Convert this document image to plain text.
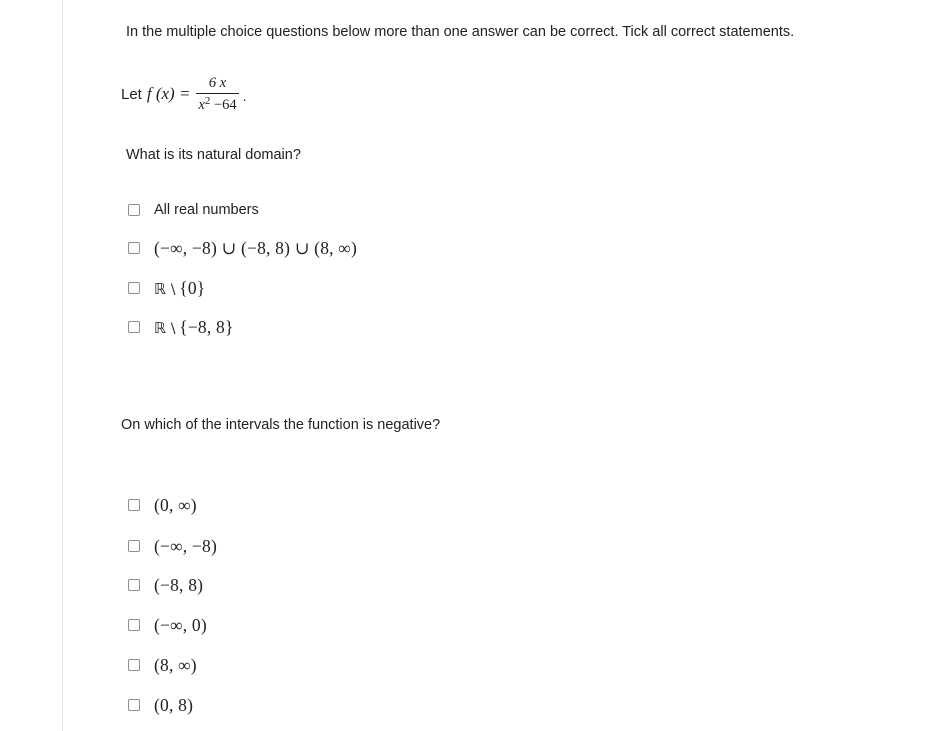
In the multiple choice questions below more than one answer can be correct. Tick all correct statements.
Let f $(x) = \frac{6 x}{x^2 -64}$ .
What is its natural domain?
All real numbers
(−∞, −8) ∪ (−8, 8) ∪ (8, ∞)
ℝ ∖ {0}
ℝ ∖ {−8, 8}
On which of the intervals the function is negative?
(0, ∞)
(−∞, −8)
(−8, 8)
(−∞, 0)
(8, ∞)
(0, 8)
